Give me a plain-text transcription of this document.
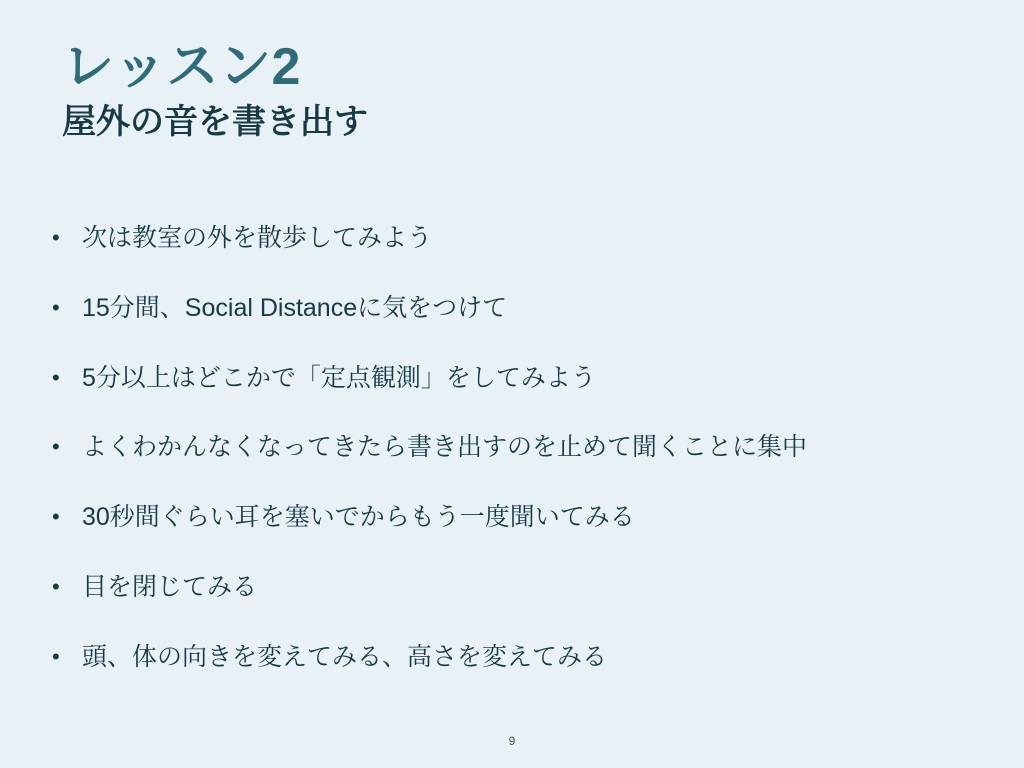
レッスン2
屋外の音を書き出す
• 次は教室の外を散歩してみよう
• 15分間、Social Distanceに気をつけて
• 5分以上はどこかで「定点観測」をしてみよう
• よくわかんなくなってきたら書き出すのを止めて聞くことに集中
• 30秒間ぐらい耳を塞いでからもう一度聞いてみる
• 目を閉じてみる
• 頭、体の向きを変えてみる、高さを変えてみる
9
